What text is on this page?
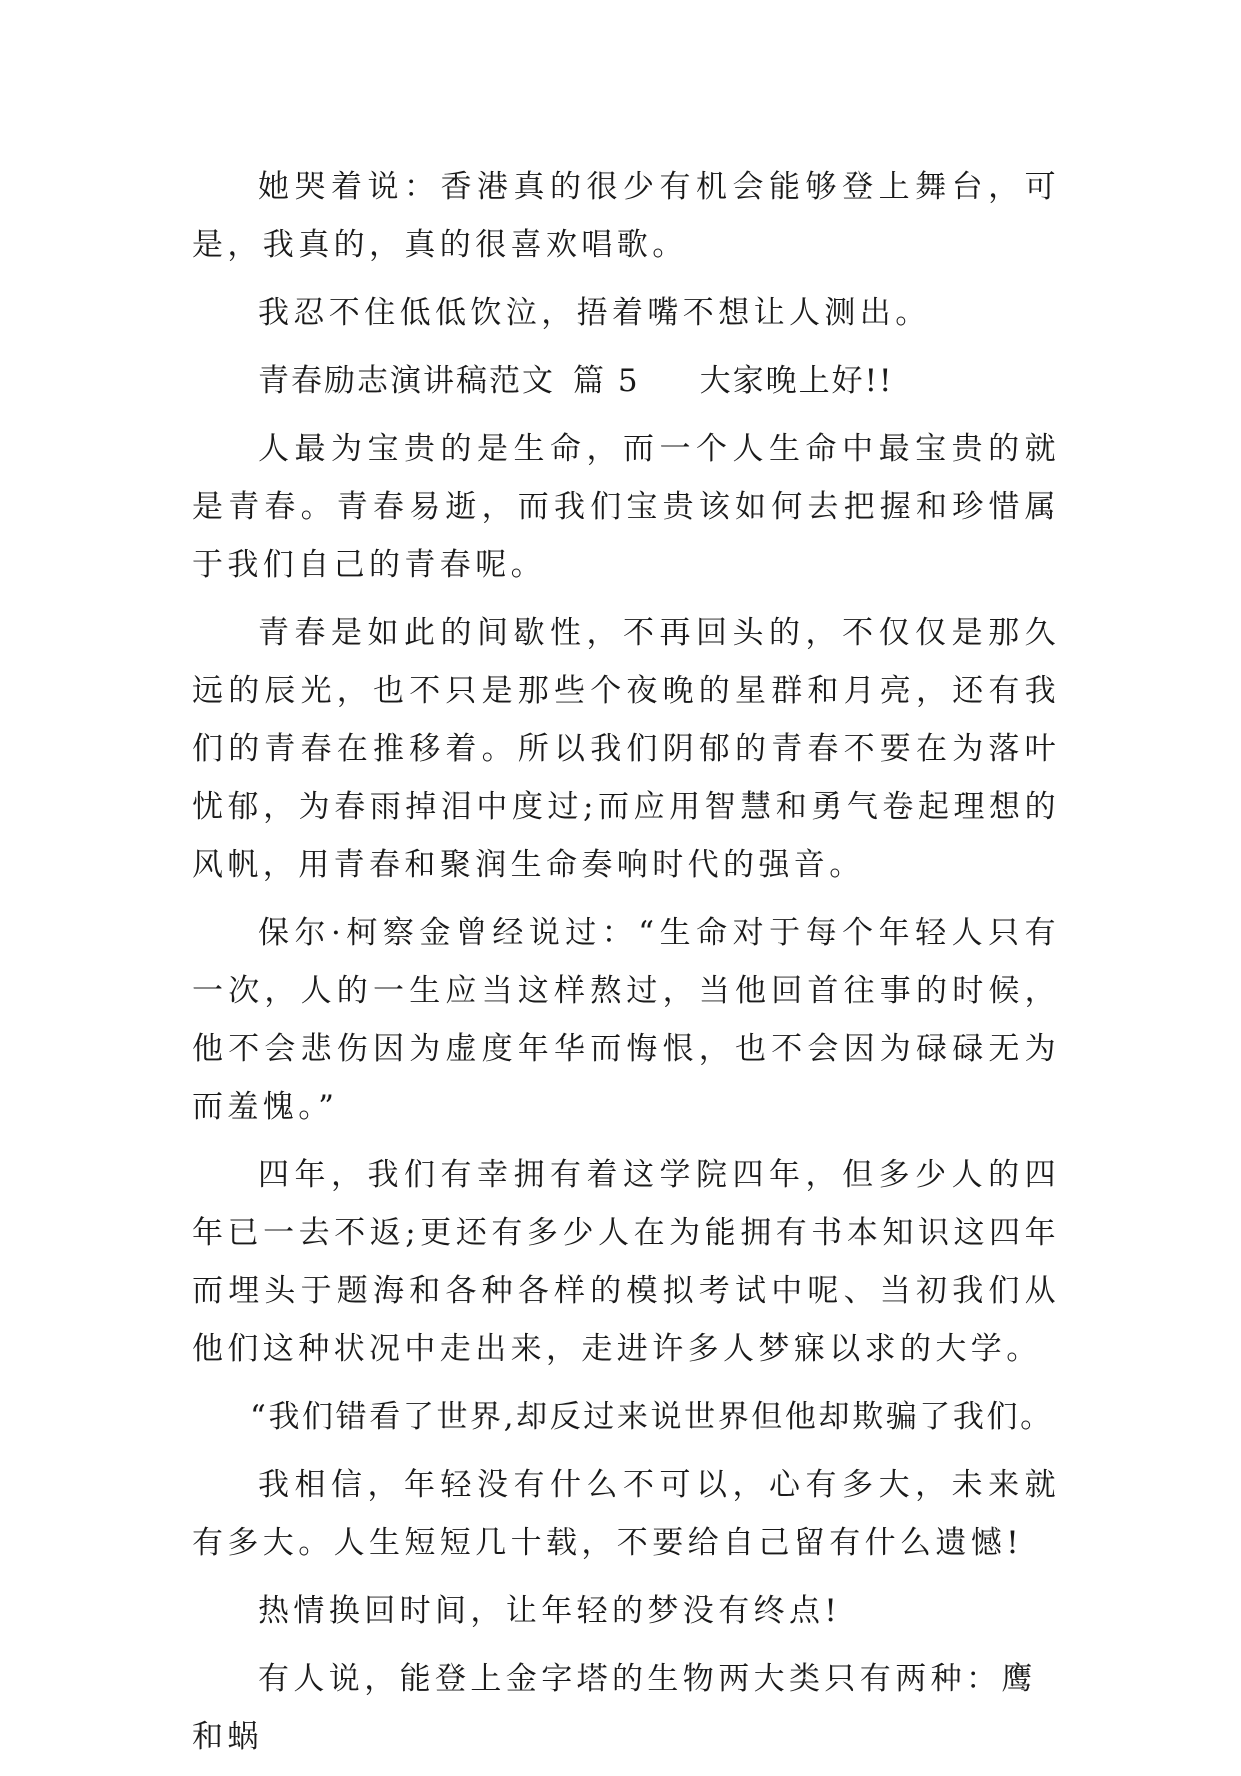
她哭着说：香港真的很少有机会能够登上舞台，可是，我真的，真的很喜欢唱歌。

我忍不住低低饮泣，捂着嘴不想让人测出。

青春励志演讲稿范文 篇 5 大家晚上好!!

人最为宝贵的是生命，而一个人生命中最宝贵的就是青春。青春易逝，而我们宝贵该如何去把握和珍惜属于我们自己的青春呢。

青春是如此的间歇性，不再回头的，不仅仅是那久远的辰光，也不只是那些个夜晚的星群和月亮，还有我们的青春在推移着。所以我们阴郁的青春不要在为落叶忧郁，为春雨掉泪中度过;而应用智慧和勇气卷起理想的风帆，用青春和聚润生命奏响时代的强音。

保尔·柯察金曾经说过：“生命对于每个年轻人只有一次，人的一生应当这样熬过，当他回首往事的时候，他不会悲伤因为虚度年华而悔恨，也不会因为碌碌无为而羞愧。”

四年，我们有幸拥有着这学院四年，但多少人的四年已一去不返;更还有多少人在为能拥有书本知识这四年而埋头于题海和各种各样的模拟考试中呢、当初我们从他们这种状况中走出来，走进许多人梦寐以求的大学。

“我们错看了世界,却反过来说世界但他却欺骗了我们。

我相信，年轻没有什么不可以，心有多大，未来就有多大。人生短短几十载，不要给自己留有什么遗憾!

热情换回时间，让年轻的梦没有终点!

有人说，能登上金字塔的生物两大类只有两种：鹰和蜗
